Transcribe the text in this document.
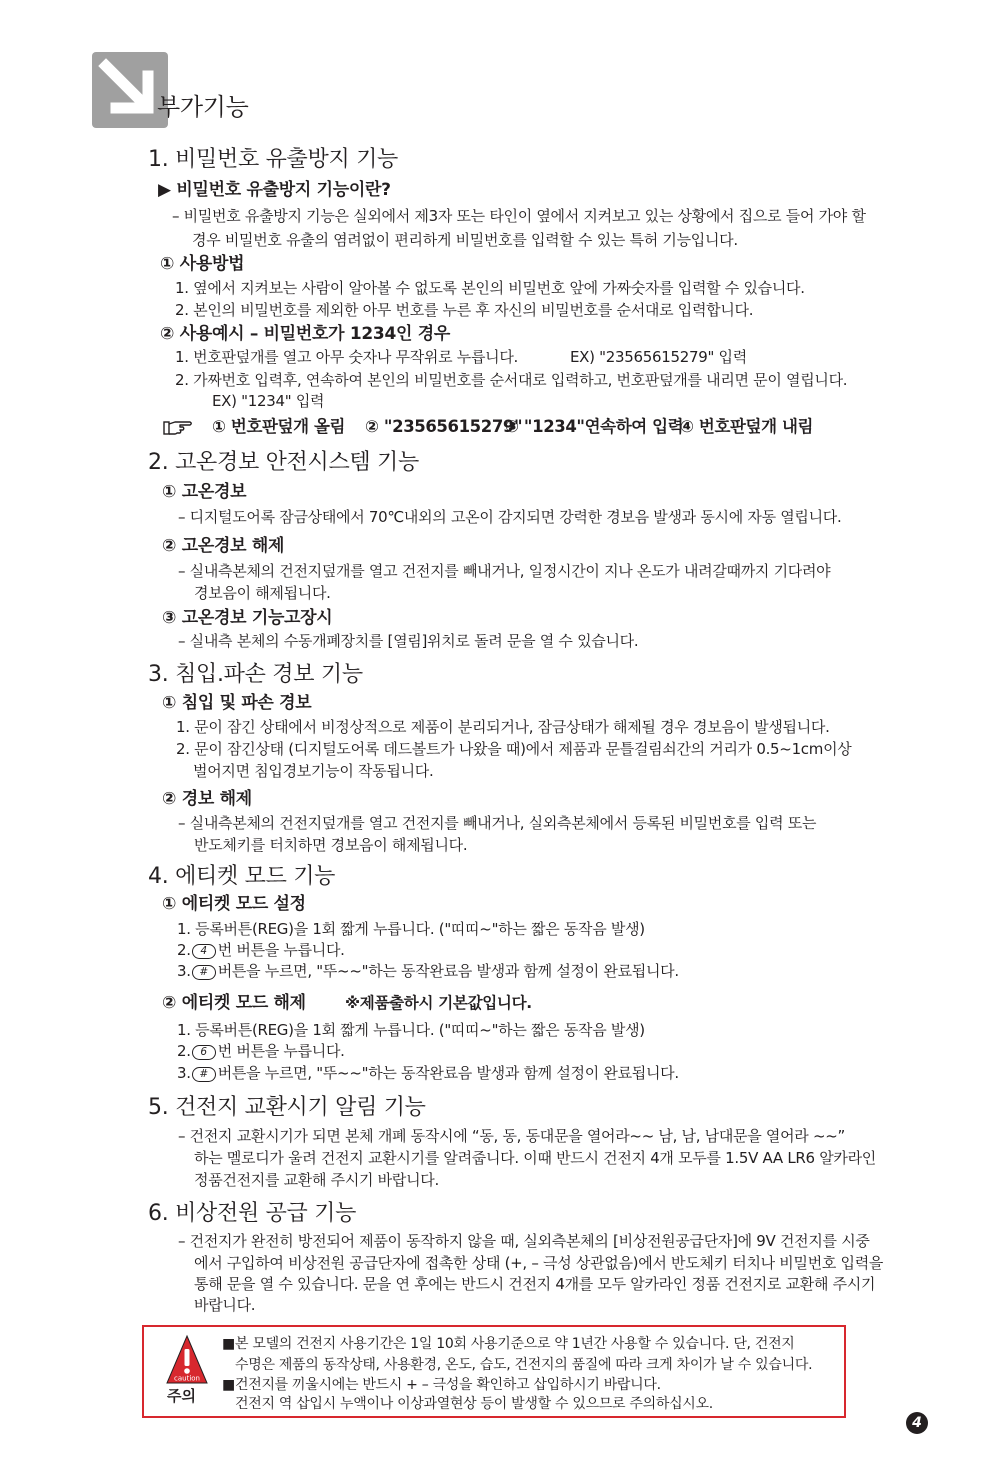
부가기능
1. 비밀번호 유출방지 기능
▶ 비밀번호 유출방지 기능이란?
– 비밀번호 유출방지 기능은 실외에서 제3자 또는 타인이 옆에서 지켜보고 있는 상황에서 집으로 들어 가야 할
경우 비밀번호 유출의 염려없이 편리하게 비밀번호를 입력할 수 있는 특허 기능입니다.
① 사용방법
1. 옆에서 지켜보는 사람이 알아볼 수 없도록 본인의 비밀번호 앞에 가짜숫자를 입력할 수 있습니다.
2. 본인의 비밀번호를 제외한 아무 번호를 누른 후 자신의 비밀번호를 순서대로 입력합니다.
② 사용예시 – 비밀번호가 1234인 경우
1. 번호판덮개를 열고 아무 숫자나 무작위로 누릅니다.	EX) "23565615279" 입력
2. 가짜번호 입력후, 연속하여 본인의 비밀번호를 순서대로 입력하고, 번호판덮개를 내리면 문이 열립니다.
EX) "1234" 입력
① 번호판덮개 올림 ② "23565615279"
③ "1234"연속하여 입력
④ 번호판덮개 내림
2. 고온경보 안전시스템 기능
① 고온경보
– 디지털도어록 잠금상태에서 70℃내외의 고온이 감지되면 강력한 경보음 발생과 동시에 자동 열립니다.
② 고온경보 해제
– 실내측본체의 건전지덮개를 열고 건전지를 빼내거나, 일정시간이 지나 온도가 내려갈때까지 기다려야
경보음이 해제됩니다.
③ 고온경보 기능고장시
– 실내측 본체의 수동개폐장치를 [열림]위치로 돌려 문을 열 수 있습니다.
3. 침입.파손 경보 기능
① 침입 및 파손 경보
1. 문이 잠긴 상태에서 비정상적으로 제품이 분리되거나, 잠금상태가 해제될 경우 경보음이 발생됩니다.
2. 문이 잠긴상태 (디지털도어록 데드볼트가 나왔을 때)에서 제품과 문틀걸림쇠간의 거리가 0.5~1cm이상
벌어지면 침입경보기능이 작동됩니다.
② 경보 해제
– 실내측본체의 건전지덮개를 열고 건전지를 빼내거나, 실외측본체에서 등록된 비밀번호를 입력 또는
반도체키를 터치하면 경보음이 해제됩니다.
4. 에티켓 모드 기능
① 에티켓 모드 설정
1. 등록버튼(REG)을 1회 짧게 누릅니다. ("띠띠~"하는 짧은 동작음 발생)
2. 4 번 버튼을 누릅니다.
3. # 버튼을 누르면, "뚜~~"하는 동작완료음 발생과 함께 설정이 완료됩니다.
② 에티켓 모드 해제	※제품출하시 기본값입니다.
1. 등록버튼(REG)을 1회 짧게 누릅니다. ("띠띠~"하는 짧은 동작음 발생)
2. 6 번 버튼을 누릅니다.
3. # 버튼을 누르면, "뚜~~"하는 동작완료음 발생과 함께 설정이 완료됩니다.
5. 건전지 교환시기 알림 기능
– 건전지 교환시기가 되면 본체 개폐 동작시에 “동, 동, 동대문을 열어라~~ 남, 남, 남대문을 열어라 ~~”
하는 멜로디가 울려 건전지 교환시기를 알려줍니다. 이때 반드시 건전지 4개 모두를 1.5V AA LR6 알카라인
정품건전지를 교환해 주시기 바랍니다.
6. 비상전원 공급 기능
– 건전지가 완전히 방전되어 제품이 동작하지 않을 때, 실외측본체의 [비상전원공급단자]에 9V 건전지를 시중
에서 구입하여 비상전원 공급단자에 접촉한 상태 (+, – 극성 상관없음)에서 반도체키 터치나 비밀번호 입력을
통해 문을 열 수 있습니다. 문을 연 후에는 반드시 건전지 4개를 모두 알카라인 정품 건전지로 교환해 주시기
바랍니다.
caution
주의
■ 본 모델의 건전지 사용기간은 1일 10회 사용기준으로 약 1년간 사용할 수 있습니다. 단, 건전지
수명은 제품의 동작상태, 사용환경, 온도, 습도, 건전지의 품질에 따라 크게 차이가 날 수 있습니다.
■ 건전지를 끼울시에는 반드시 + – 극성을 확인하고 삽입하시기 바랍니다.
건전지 역 삽입시 누액이나 이상과열현상 등이 발생할 수 있으므로 주의하십시오.
4
